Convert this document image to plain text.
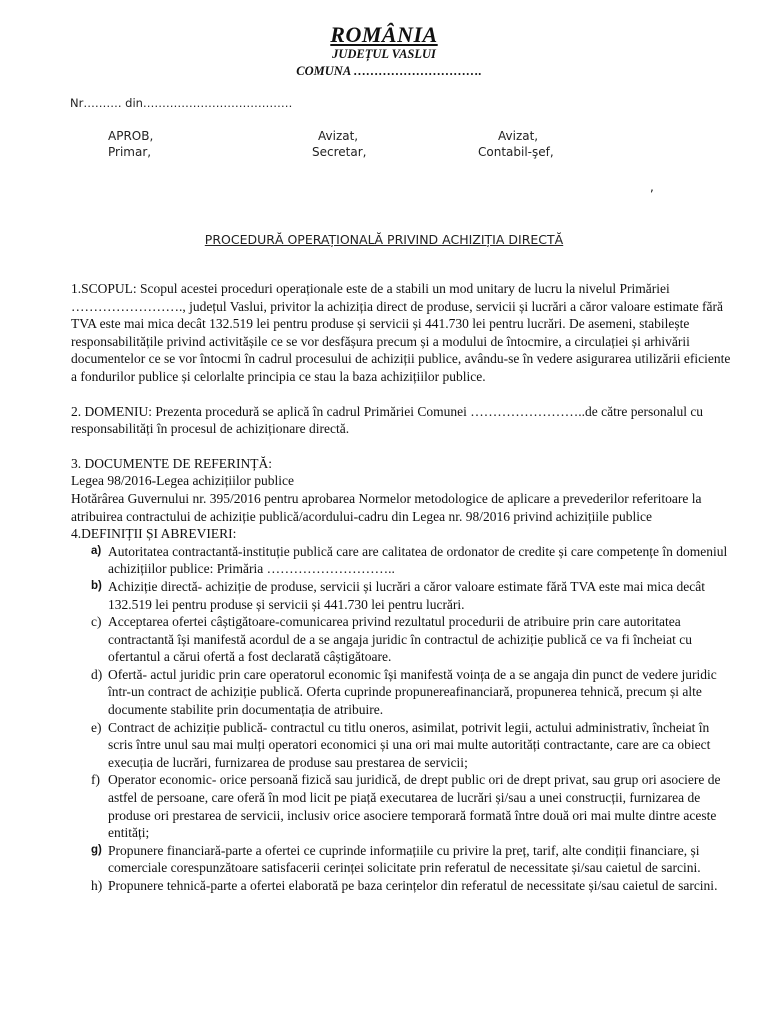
ROMÂNIA
JUDEȚUL VASLUI
COMUNA ………………………….
Nr………. din…………………………………
APROB,
Primar,
Avizat,
Secretar,
Avizat,
Contabil-şef,
,
PROCEDURĂ OPERAȚIONALĂ PRIVIND ACHIZIȚIA DIRECTĂ

1.SCOPUL: Scopul acestei proceduri operaționale este de a stabili un mod unitary de lucru la nivelul Primăriei ……………………., județul Vaslui, privitor la achiziția direct de produse, servicii și lucrări a căror valoare estimate fără TVA este mai mica decât 132.519 lei pentru produse și servicii și 441.730 lei pentru lucrări. De asemeni, stabilește responsabilitățile privind activitășile ce se vor desfășura precum și a modului de întocmire, a circulației și arhivării documentelor ce se vor întocmi în cadrul procesului de achiziții publice, avându-se în vedere asigurarea utilizării eficiente a fondurilor publice și celorlalte principia ce stau la baza achizițiilor publice.

2. DOMENIU: Prezenta procedură se aplică în cadrul Primăriei Comunei ……………………..de către personalul cu responsabilități în procesul de achiziționare directă.

3. DOCUMENTE DE REFERINȚĂ:

Legea 98/2016-Legea achizițiilor publice

Hotărârea Guvernului nr. 395/2016 pentru aprobarea Normelor metodologice de aplicare a prevederilor referitoare la atribuirea contractului de achiziție publică/acordului-cadru din Legea nr. 98/2016 privind achizițiile publice

4.DEFINIȚII ȘI ABREVIERI:

a) Autoritatea contractantă-instituție publică care are calitatea de ordonator de credite și care competențe în domeniul achizițiilor publice: Primăria ………………………..
b) Achiziție directă- achiziție de produse, servicii și lucrări a căror valoare estimate fără TVA este mai mica decât 132.519 lei pentru produse și servicii și 441.730 lei pentru lucrări.
c) Acceptarea ofertei câștigătoare-comunicarea privind rezultatul procedurii de atribuire prin care autoritatea contractantă își manifestă acordul de a se angaja juridic în contractul de achiziție publică ce va fi încheiat cu ofertantul a cărui ofertă a fost declarată câștigătoare.
d) Ofertă- actul juridic prin care operatorul economic își manifestă voința de a se angaja din punct de vedere juridic într-un contract de achiziție publică. Oferta cuprinde propunereafinanciară, propunerea tehnică, precum și alte documente stabilite prin documentația de atribuire.
e) Contract de achiziție publică- contractul cu titlu oneros, asimilat, potrivit legii, actului administrativ, încheiat în scris între unul sau mai mulți operatori economici și una ori mai multe autorități contractante, care are ca obiect execuția de lucrări, furnizarea de produse sau prestarea de servicii;
f) Operator economic- orice persoană fizică sau juridică, de drept public ori de drept privat, sau grup ori asociere de astfel de persoane, care oferă în mod licit pe piață executarea de lucrări și/sau a unei construcții, furnizarea de produse ori prestarea de servicii, inclusiv orice asociere temporară formată între două ori mai multe dintre aceste entități;
g) Propunere financiară-parte a ofertei ce cuprinde informațiile cu privire la preț, tarif, alte condiții financiare, și comerciale corespunzătoare satisfacerii cerinței solicitate prin referatul de necessitate și/sau caietul de sarcini.
h) Propunere tehnică-parte a ofertei elaborată pe baza cerințelor din referatul de necessitate și/sau caietul de sarcini.
